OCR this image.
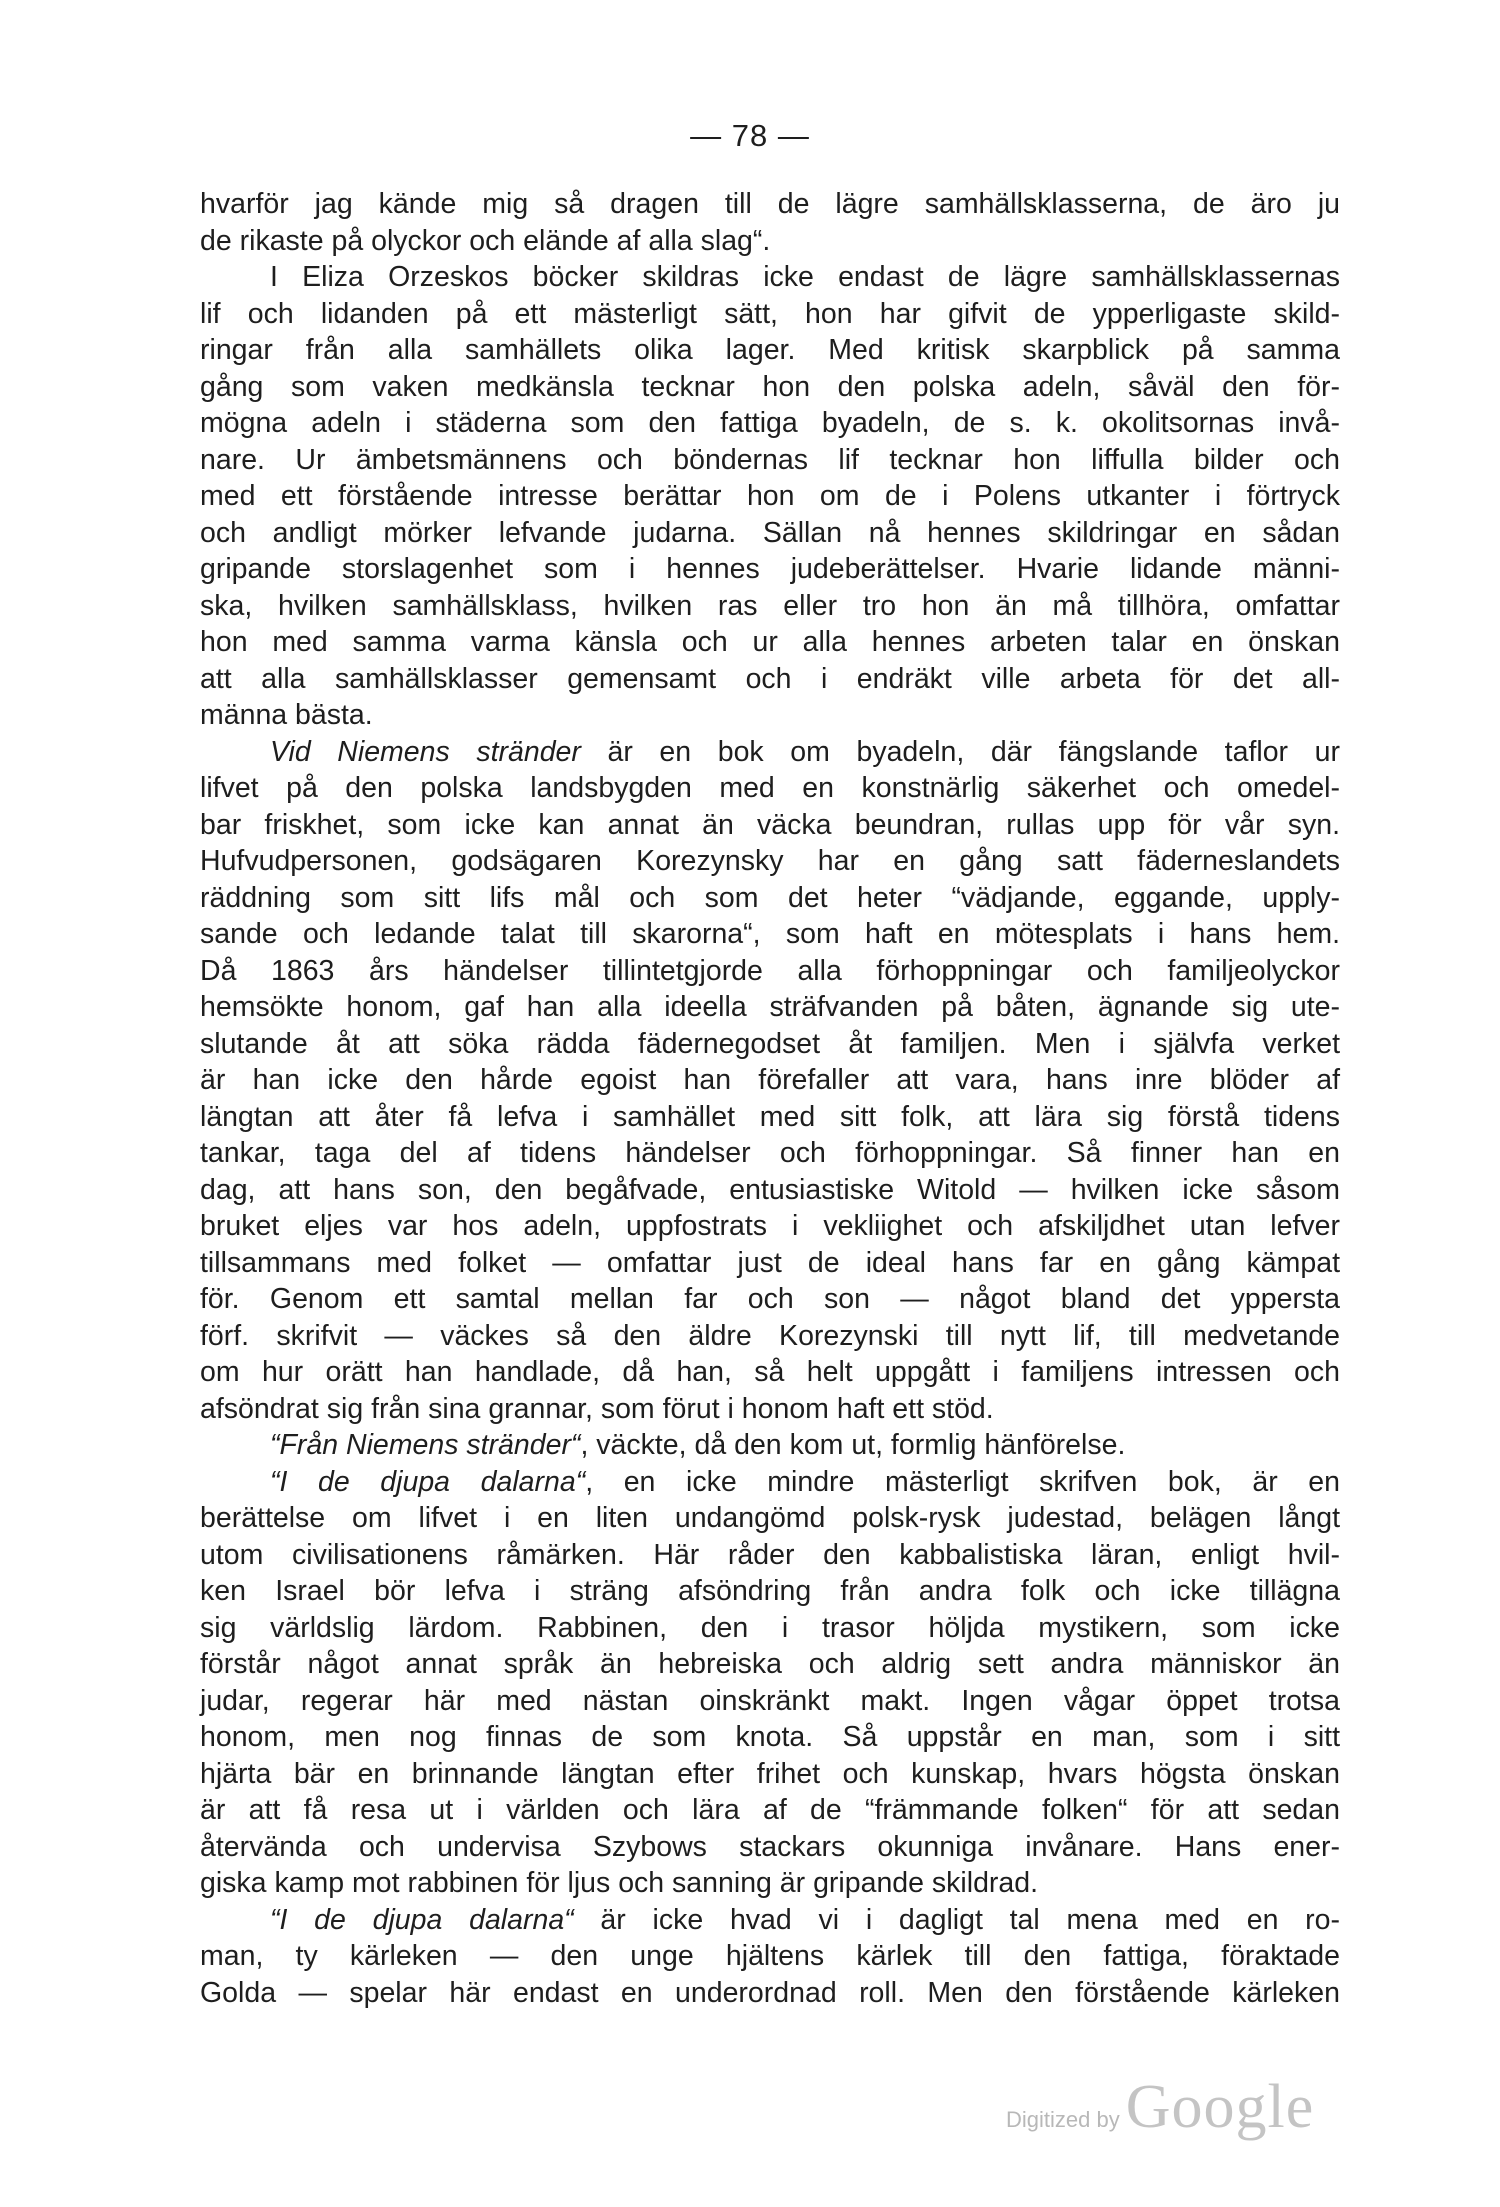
— 78 —
hvarför jag kände mig så dragen till de lägre samhällsklasserna, de äro ju
de rikaste på olyckor och elände af alla slag“.
I Eliza Orzeskos böcker skildras icke endast de lägre samhällsklassernas
lif och lidanden på ett mästerligt sätt, hon har gifvit de ypperligaste skild-
ringar från alla samhällets olika lager. Med kritisk skarpblick på samma
gång som vaken medkänsla tecknar hon den polska adeln, såväl den för-
mögna adeln i städerna som den fattiga byadeln, de s. k. okolitsornas invå-
nare. Ur ämbetsmännens och böndernas lif tecknar hon liffulla bilder och
med ett förstående intresse berättar hon om de i Polens utkanter i förtryck
och andligt mörker lefvande judarna. Sällan nå hennes skildringar en sådan
gripande storslagenhet som i hennes judeberättelser. Hvarie lidande männi-
ska, hvilken samhällsklass, hvilken ras eller tro hon än må tillhöra, omfattar
hon med samma varma känsla och ur alla hennes arbeten talar en önskan
att alla samhällsklasser gemensamt och i endräkt ville arbeta för det all-
männa bästa.
Vid Niemens stränder är en bok om byadeln, där fängslande taflor ur
lifvet på den polska landsbygden med en konstnärlig säkerhet och omedel-
bar friskhet, som icke kan annat än väcka beundran, rullas upp för vår syn.
Hufvudpersonen, godsägaren Korezynsky har en gång satt fäderneslandets
räddning som sitt lifs mål och som det heter “vädjande, eggande, upply-
sande och ledande talat till skarorna“, som haft en mötesplats i hans hem.
Då 1863 års händelser tillintetgjorde alla förhoppningar och familjeolyckor
hemsökte honom, gaf han alla ideella sträfvanden på båten, ägnande sig ute-
slutande åt att söka rädda fädernegodset åt familjen. Men i självfa verket
är han icke den hårde egoist han förefaller att vara, hans inre blöder af
längtan att åter få lefva i samhället med sitt folk, att lära sig förstå tidens
tankar, taga del af tidens händelser och förhoppningar. Så finner han en
dag, att hans son, den begåfvade, entusiastiske Witold — hvilken icke såsom
bruket eljes var hos adeln, uppfostrats i vekliighet och afskiljdhet utan lefver
tillsammans med folket — omfattar just de ideal hans far en gång kämpat
för. Genom ett samtal mellan far och son — något bland det yppersta
förf. skrifvit — väckes så den äldre Korezynski till nytt lif, till medvetande
om hur orätt han handlade, då han, så helt uppgått i familjens intressen och
afsöndrat sig från sina grannar, som förut i honom haft ett stöd.
“Från Niemens stränder“, väckte, då den kom ut, formlig hänförelse.
“I de djupa dalarna“, en icke mindre mästerligt skrifven bok, är en
berättelse om lifvet i en liten undangömd polsk-rysk judestad, belägen långt
utom civilisationens råmärken. Här råder den kabbalistiska läran, enligt hvil-
ken Israel bör lefva i sträng afsöndring från andra folk och icke tillägna
sig världslig lärdom. Rabbinen, den i trasor höljda mystikern, som icke
förstår något annat språk än hebreiska och aldrig sett andra människor än
judar, regerar här med nästan oinskränkt makt. Ingen vågar öppet trotsa
honom, men nog finnas de som knota. Så uppstår en man, som i sitt
hjärta bär en brinnande längtan efter frihet och kunskap, hvars högsta önskan
är att få resa ut i världen och lära af de “främmande folken“ för att sedan
återvända och undervisa Szybows stackars okunniga invånare. Hans ener-
giska kamp mot rabbinen för ljus och sanning är gripande skildrad.
“I de djupa dalarna“ är icke hvad vi i dagligt tal mena med en ro-
man, ty kärleken — den unge hjältens kärlek till den fattiga, föraktade
Golda — spelar här endast en underordnad roll. Men den förstående kärleken
Digitized by Google
